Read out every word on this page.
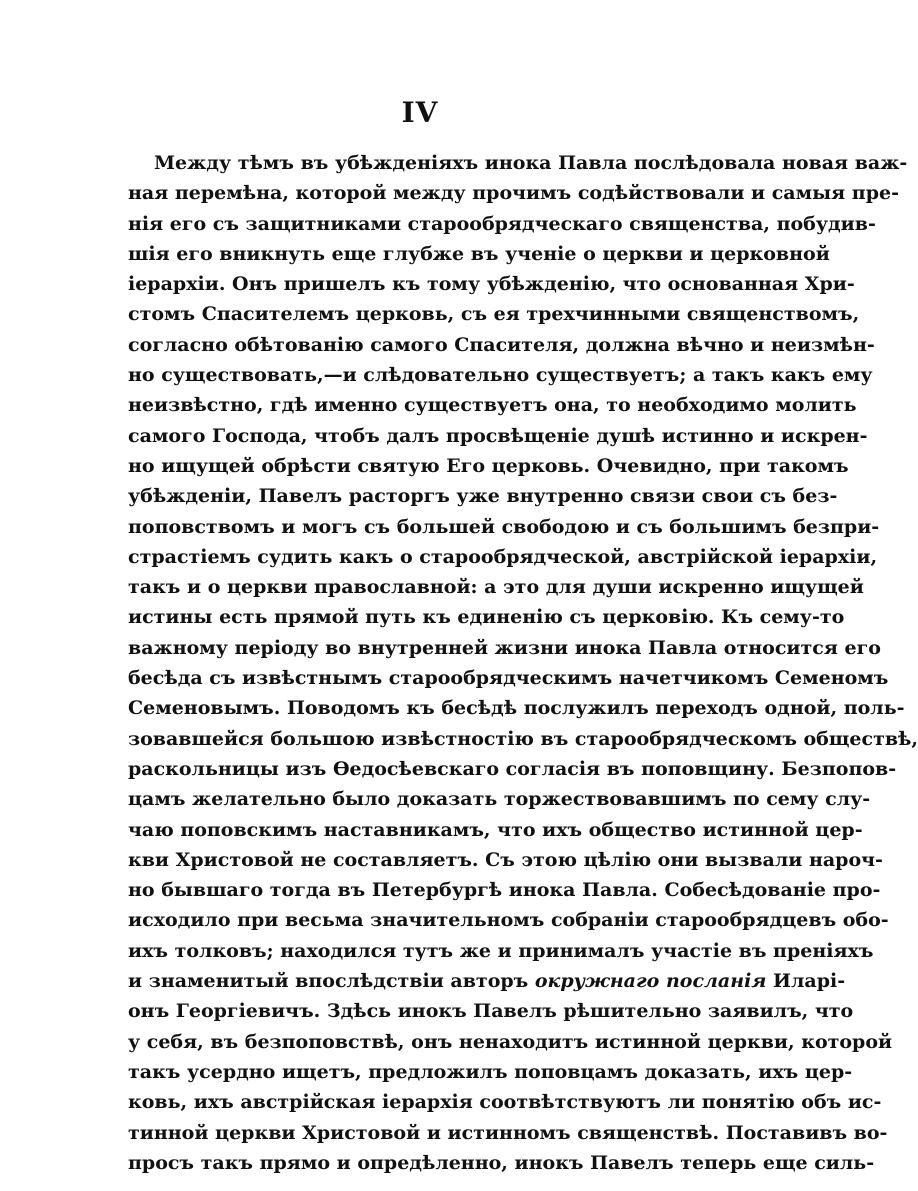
IV
Между тѣмъ въ убѣжденіяхъ инока Павла послѣдовала новая важ-
ная перемѣна, которой между прочимъ содѣйствовали и самыя пре-
нія его съ защитниками старообрядческаго священства, побудив-
шія его вникнуть еще глубже въ ученіе о церкви и церковной
іерархіи. Онъ пришелъ къ тому убѣжденію, что основанная Хри-
стомъ Спасителемъ церковь, съ ея трехчинными священствомъ,
согласно обѣтованію самого Спасителя, должна вѣчно и неизмѣн-
но существовать,—и слѣдовательно существуетъ; а такъ какъ ему
неизвѣстно, гдѣ именно существуетъ она, то необходимо молить
самого Господа, чтобъ далъ просвѣщеніе душѣ истинно и искрен-
но ищущей обрѣсти святую Его церковь. Очевидно, при такомъ
убѣжденіи, Павелъ расторгъ уже внутренно связи свои съ без-
поповствомъ и могъ съ большей свободою и съ большимъ безпри-
страстіемъ судить какъ о старообрядческой, австрійской іерархіи,
такъ и о церкви православной: а это для души искренно ищущей
истины есть прямой путь къ единенію съ церковію. Къ сему-то
важному періоду во внутренней жизни инока Павла относится его
бесѣда съ извѣстнымъ старообрядческимъ начетчикомъ Семеномъ
Семеновымъ. Поводомъ къ бесѣдѣ послужилъ переходъ одной, поль-
зовавшейся большою извѣстностію въ старообрядческомъ обществѣ,
раскольницы изъ Ѳедосѣевскаго согласія въ поповщину. Безпопов-
цамъ желательно было доказать торжествовавшимъ по сему слу-
чаю поповскимъ наставникамъ, что ихъ общество истинной цер-
кви Христовой не составляетъ. Съ этою цѣлію они вызвали нароч-
но бывшаго тогда въ Петербургѣ инока Павла. Собесѣдованіе про-
исходило при весьма значительномъ собраніи старообрядцевъ обо-
ихъ толковъ; находился тутъ же и принималъ участіе въ преніяхъ
и знаменитый впослѣдствіи авторъ окружнаго посланія Иларі-
онъ Георгіевичъ. Здѣсь инокъ Павелъ рѣшительно заявилъ, что
у себя, въ безпоповствѣ, онъ ненаходитъ истинной церкви, которой
такъ усердно ищетъ, предложилъ поповцамъ доказать, ихъ цер-
ковь, ихъ австрійская іерархія соотвѣтствуютъ ли понятію объ ис-
тинной церкви Христовой и истинномъ священствѣ. Поставивъ во-
просъ такъ прямо и опредѣленно, инокъ Павелъ теперь еще силь-
